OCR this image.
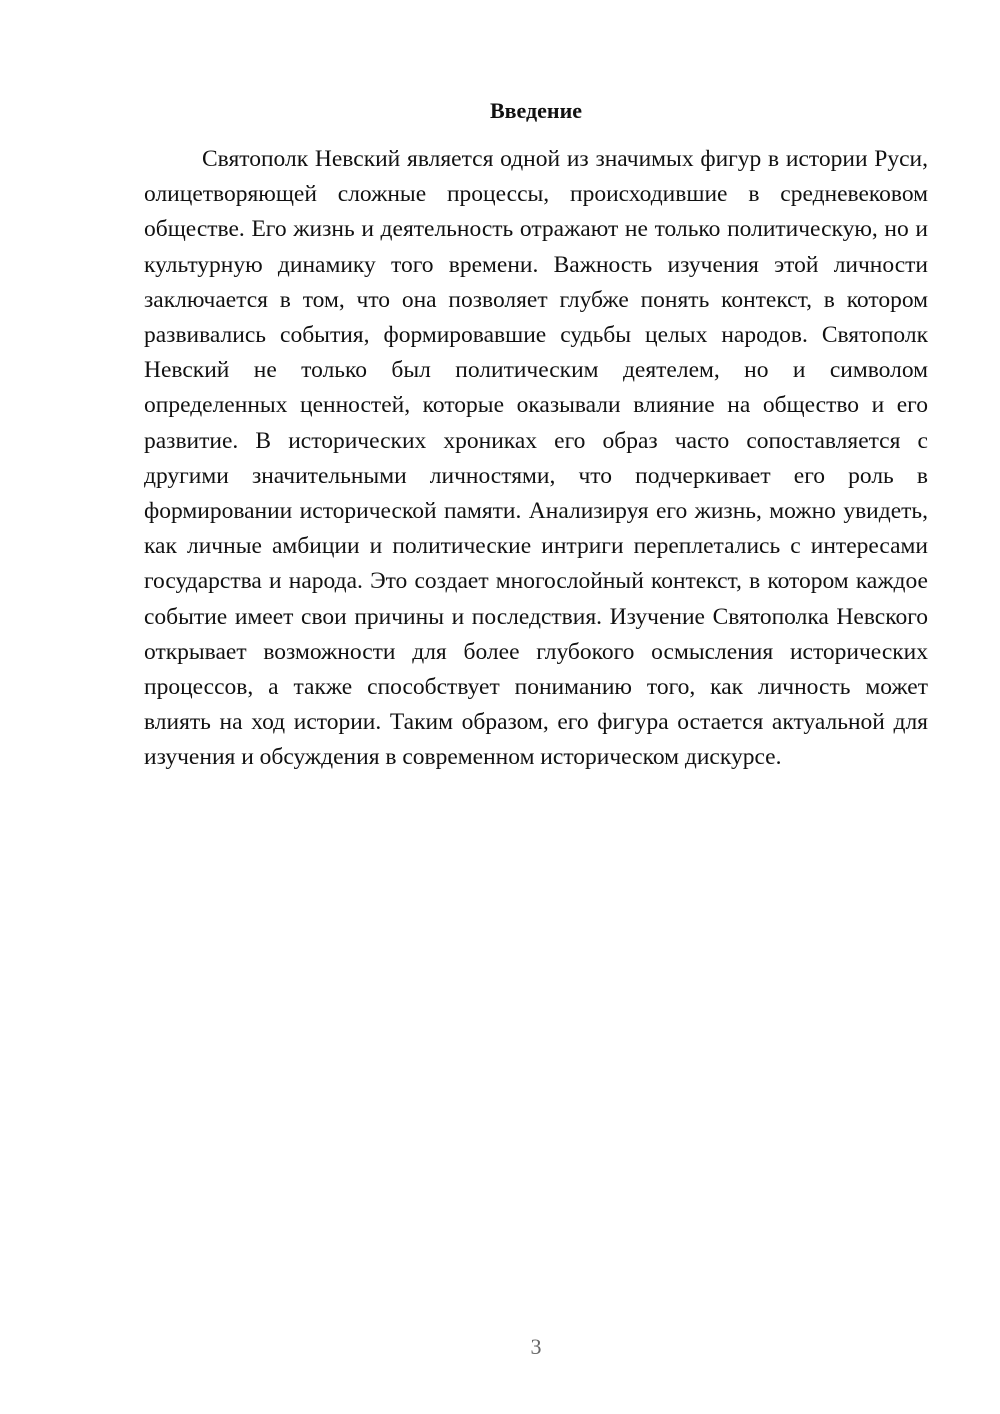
Введение

Святополк Невский является одной из значимых фигур в истории Руси, олицетворяющей сложные процессы, происходившие в средневековом обществе. Его жизнь и деятельность отражают не только политическую, но и культурную динамику того времени. Важность изучения этой личности заключается в том, что она позволяет глубже понять контекст, в котором развивались события, формировавшие судьбы целых народов. Святополк Невский не только был политическим деятелем, но и символом определенных ценностей, которые оказывали влияние на общество и его развитие. В исторических хрониках его образ часто сопоставляется с другими значительными личностями, что подчеркивает его роль в формировании исторической памяти. Анализируя его жизнь, можно увидеть, как личные амбиции и политические интриги переплетались с интересами государства и народа. Это создает многослойный контекст, в котором каждое событие имеет свои причины и последствия. Изучение Святополка Невского открывает возможности для более глубокого осмысления исторических процессов, а также способствует пониманию того, как личность может влиять на ход истории. Таким образом, его фигура остается актуальной для изучения и обсуждения в современном историческом дискурсе.

3
